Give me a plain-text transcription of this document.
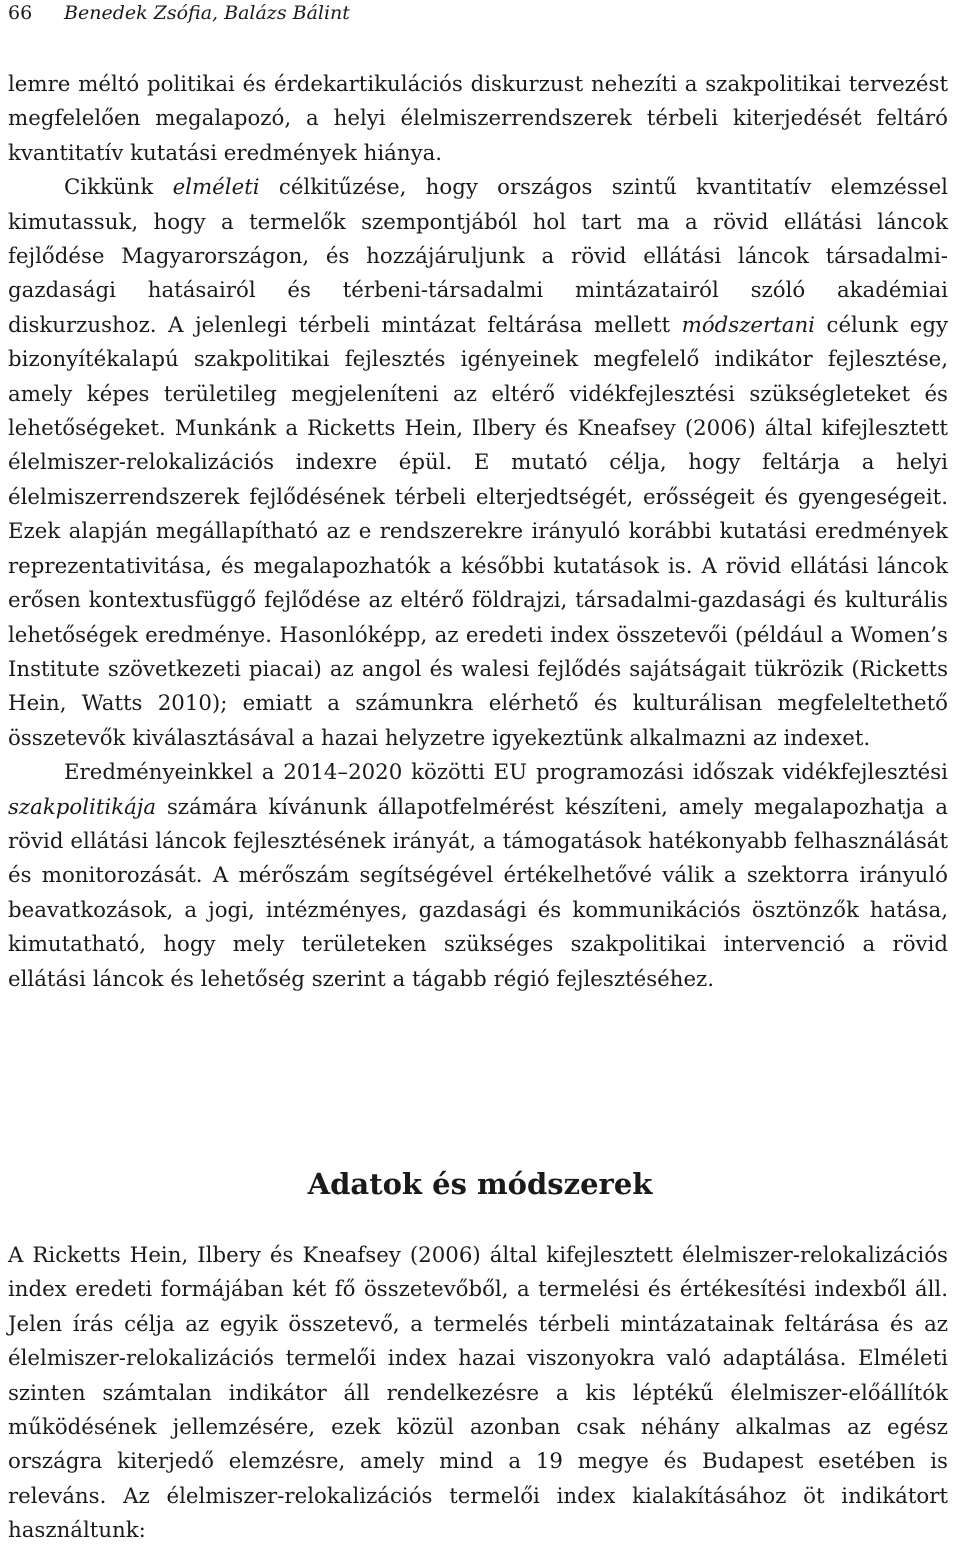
66 Benedek Zsófia, Balázs Bálint

lemre méltó politikai és érdekartikulációs diskurzust nehezíti a szakpolitikai tervezést megfelelően megalapozó, a helyi élelmiszerrendszerek térbeli kiterjedését feltáró kvantitatív kutatási eredmények hiánya.

Cikkünk elméleti célkitűzése, hogy országos szintű kvantitatív elemzéssel kimutassuk, hogy a termelők szempontjából hol tart ma a rövid ellátási láncok fejlődése Magyarországon, és hozzájáruljunk a rövid ellátási láncok társadalmi-gazdasági hatásairól és térbeni-társadalmi mintázatairól szóló akadémiai diskurzushoz. A jelenlegi térbeli mintázat feltárása mellett módszertani célunk egy bizonyítékalapú szakpolitikai fejlesztés igényeinek megfelelő indikátor fejlesztése, amely képes területileg megjeleníteni az eltérő vidékfejlesztési szükségleteket és lehetőségeket. Munkánk a Ricketts Hein, Ilbery és Kneafsey (2006) által kifejlesztett élelmiszer-relokalizációs indexre épül. E mutató célja, hogy feltárja a helyi élelmiszerrendszerek fejlődésének térbeli elterjedtségét, erősségeit és gyengeségeit. Ezek alapján megállapítható az e rendszerekre irányuló korábbi kutatási eredmények reprezentativitása, és megalapozhatók a későbbi kutatások is. A rövid ellátási láncok erősen kontextusfüggő fejlődése az eltérő földrajzi, társadalmi-gazdasági és kulturális lehetőségek eredménye. Hasonlóképp, az eredeti index összetevői (például a Women’s Institute szövetkezeti piacai) az angol és walesi fejlődés sajátságait tükrözik (Ricketts Hein, Watts 2010); emiatt a számunkra elérhető és kulturálisan megfeleltethető összetevők kiválasztásával a hazai helyzetre igyekeztünk alkalmazni az indexet.

Eredményeinkkel a 2014–2020 közötti EU programozási időszak vidékfejlesztési szakpolitikája számára kívánunk állapotfelmérést készíteni, amely megalapozhatja a rövid ellátási láncok fejlesztésének irányát, a támogatások hatékonyabb felhasználását és monitorozását. A mérőszám segítségével értékelhetővé válik a szektorra irányuló beavatkozások, a jogi, intézményes, gazdasági és kommunikációs ösztönzők hatása, kimutatható, hogy mely területeken szükséges szakpolitikai intervenció a rövid ellátási láncok és lehetőség szerint a tágabb régió fejlesztéséhez.

Adatok és módszerek

A Ricketts Hein, Ilbery és Kneafsey (2006) által kifejlesztett élelmiszer-relokalizációs index eredeti formájában két fő összetevőből, a termelési és értékesítési indexből áll. Jelen írás célja az egyik összetevő, a termelés térbeli mintázatainak feltárása és az élelmiszer-relokalizációs termelői index hazai viszonyokra való adaptálása. Elméleti szinten számtalan indikátor áll rendelkezésre a kis léptékű élelmiszer-előállítók működésének jellemzésére, ezek közül azonban csak néhány alkalmas az egész országra kiterjedő elemzésre, amely mind a 19 megye és Budapest esetében is releváns. Az élelmiszer-relokalizációs termelői index kialakításához öt indikátort használtunk:
